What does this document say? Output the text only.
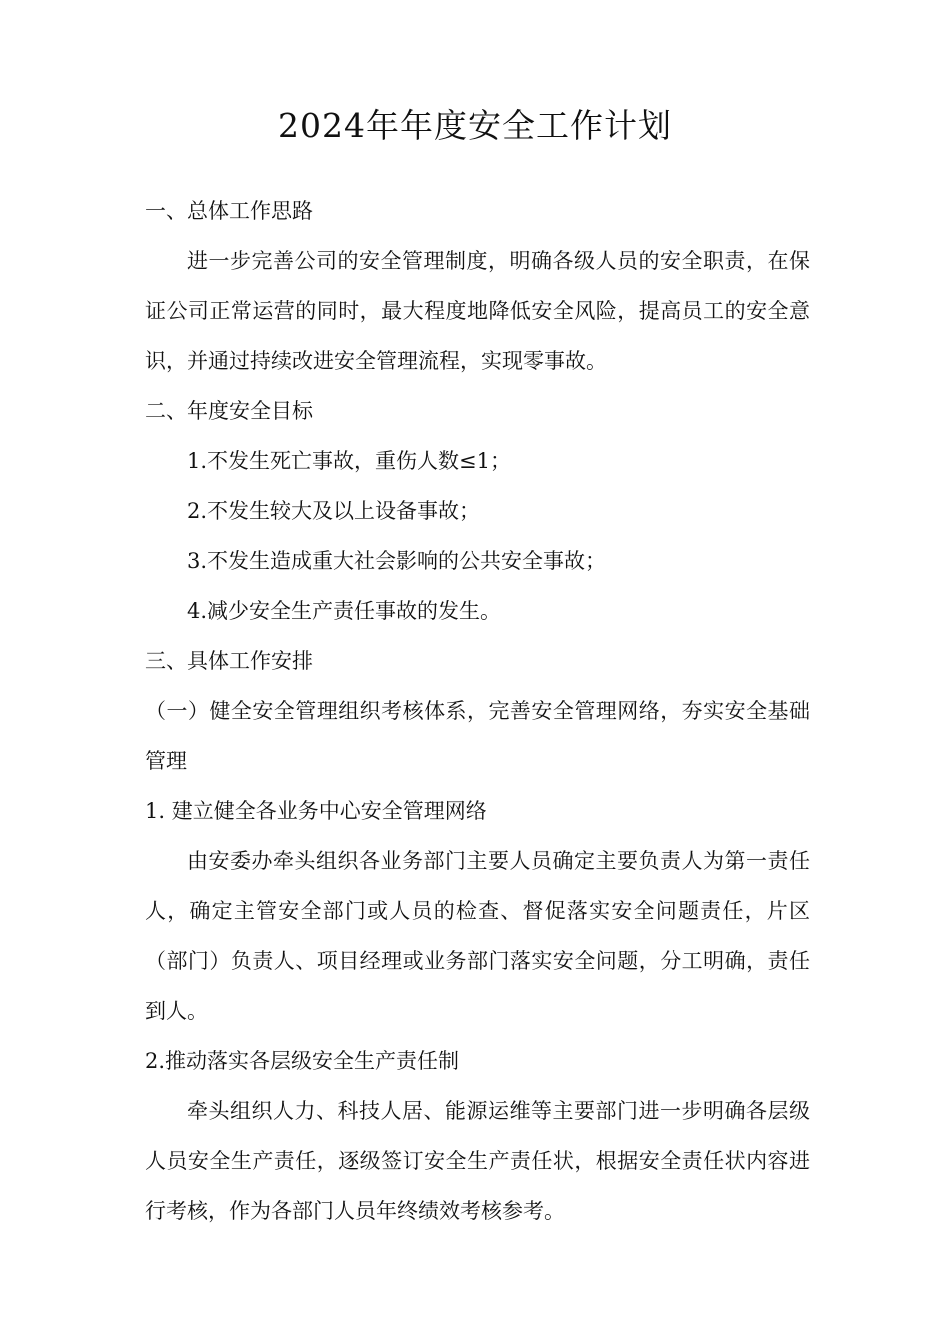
2024年年度安全工作计划

一、总体工作思路

进一步完善公司的安全管理制度，明确各级人员的安全职责，在保证公司正常运营的同时，最大程度地降低安全风险，提高员工的安全意识，并通过持续改进安全管理流程，实现零事故。

二、年度安全目标

1.不发生死亡事故，重伤人数≤1；

2.不发生较大及以上设备事故；

3.不发生造成重大社会影响的公共安全事故；

4.减少安全生产责任事故的发生。

三、具体工作安排

（一）健全安全管理组织考核体系，完善安全管理网络，夯实安全基础管理

1. 建立健全各业务中心安全管理网络

由安委办牵头组织各业务部门主要人员确定主要负责人为第一责任人，确定主管安全部门或人员的检查、督促落实安全问题责任，片区（部门）负责人、项目经理或业务部门落实安全问题，分工明确，责任到人。

2.推动落实各层级安全生产责任制

牵头组织人力、科技人居、能源运维等主要部门进一步明确各层级人员安全生产责任，逐级签订安全生产责任状，根据安全责任状内容进行考核，作为各部门人员年终绩效考核参考。
